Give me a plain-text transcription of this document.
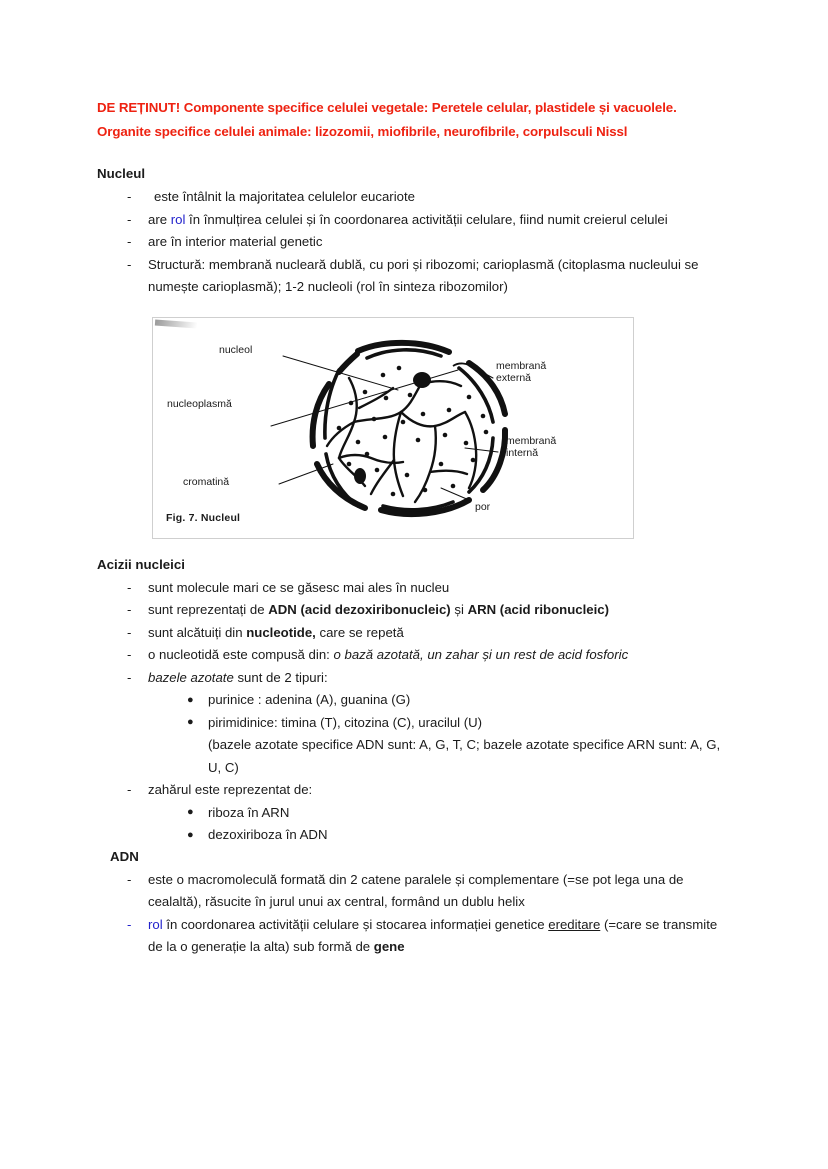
DE REȚINUT! Componente specifice celulei vegetale: Peretele celular, plastidele și vacuolele. Organite specifice celulei animale: lizozomii, miofibrile, neurofibrile, corpulsculi Nissl

Nucleul
- este întâlnit la majoritatea celulelor eucariote
- are rol în înmulțirea celulei și în coordonarea activității celulare, fiind numit creierul celulei
- are în interior material genetic
- Structură: membrană nucleară dublă, cu pori și ribozomi; carioplasmă (citoplasma nucleului se numește carioplasmă); 1-2 nucleoli (rol în sinteza ribozomilor)
nucleol
nucleoplasmă
cromatină
membrană
externă
membrană
internă
por
Fig. 7. Nucleul
Acizii nucleici
- sunt molecule mari ce se găsesc mai ales în nucleu
- sunt reprezentați de ADN (acid dezoxiribonucleic) și ARN (acid ribonucleic)
- sunt alcătuiți din nucleotide, care se repetă
- o nucleotidă este compusă din: o bază azotată, un zahar și un rest de acid fosforic
- bazele azotate sunt de 2 tipuri:
● purinice : adenina (A), guanina (G)
● pirimidinice: timina (T), citozina (C), uracilul (U)
(bazele azotate specifice ADN sunt: A, G, T, C; bazele azotate specifice ARN sunt: A, G, U, C)
- zahărul este reprezentat de:
● riboza în ARN
● dezoxiriboza în ADN
ADN
- este o macromoleculă formată din 2 catene paralele și complementare (=se pot lega una de cealaltă), răsucite în jurul unui ax central, formând un dublu helix
- rol în coordonarea activității celulare și stocarea informației genetice ereditare (=care se transmite de la o generație la alta) sub formă de gene
